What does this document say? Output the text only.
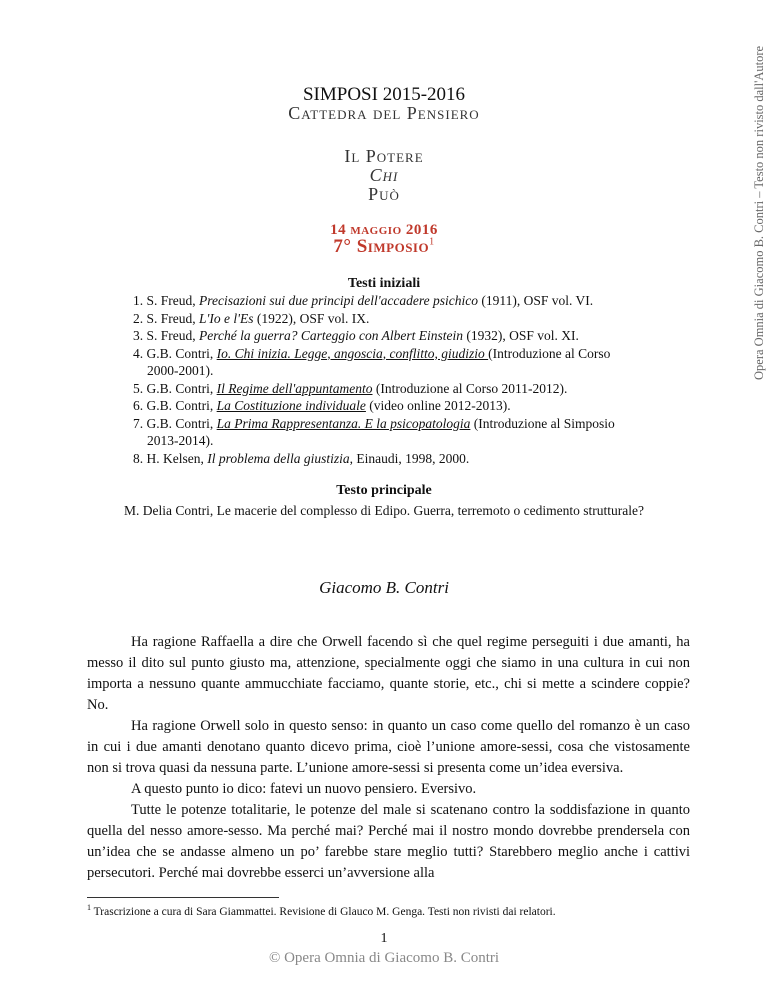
Opera Omnia di Giacomo B. Contri – Testo non rivisto dall'Autore
SIMPOSI 2015-2016
Cattedra del Pensiero
Il Potere
Chi
Può
14 maggio 2016
7° Simposio$^1$
Testi iniziali
1. S. Freud, Precisazioni sui due principi dell'accadere psichico (1911), OSF vol. VI.
2. S. Freud, L'Io e l'Es (1922), OSF vol. IX.
3. S. Freud, Perché la guerra? Carteggio con Albert Einstein (1932), OSF vol. XI.
4. G.B. Contri, Io. Chi inizia. Legge, angoscia, conflitto, giudizio (Introduzione al Corso 2000-2001).
5. G.B. Contri, Il Regime dell'appuntamento (Introduzione al Corso 2011-2012).
6. G.B. Contri, La Costituzione individuale (video online 2012-2013).
7. G.B. Contri, La Prima Rappresentanza. E la psicopatologia (Introduzione al Simposio 2013-2014).
8. H. Kelsen, Il problema della giustizia, Einaudi, 1998, 2000.
Testo principale
M. Delia Contri, Le macerie del complesso di Edipo. Guerra, terremoto o cedimento strutturale?
Giacomo B. Contri

Ha ragione Raffaella a dire che Orwell facendo sì che quel regime perseguiti i due amanti, ha messo il dito sul punto giusto ma, attenzione, specialmente oggi che siamo in una cultura in cui non importa a nessuno quante ammucchiate facciamo, quante storie, etc., chi si mette a scindere coppie? No.

Ha ragione Orwell solo in questo senso: in quanto un caso come quello del romanzo è un caso in cui i due amanti denotano quanto dicevo prima, cioè l’unione amore-sessi, cosa che vistosamente non si trova quasi da nessuna parte. L’unione amore-sessi si presenta come un’idea eversiva.

A questo punto io dico: fatevi un nuovo pensiero. Eversivo.

Tutte le potenze totalitarie, le potenze del male si scatenano contro la soddisfazione in quanto quella del nesso amore-sesso. Ma perché mai? Perché mai il nostro mondo dovrebbe prendersela con un’idea che se andasse almeno un po’ farebbe stare meglio tutti? Starebbero meglio anche i cattivi persecutori. Perché mai dovrebbe esserci un’avversione alla

$^1$ Trascrizione a cura di Sara Giammattei. Revisione di Glauco M. Genga. Testi non rivisti dai relatori.
1
© Opera Omnia di Giacomo B. Contri
